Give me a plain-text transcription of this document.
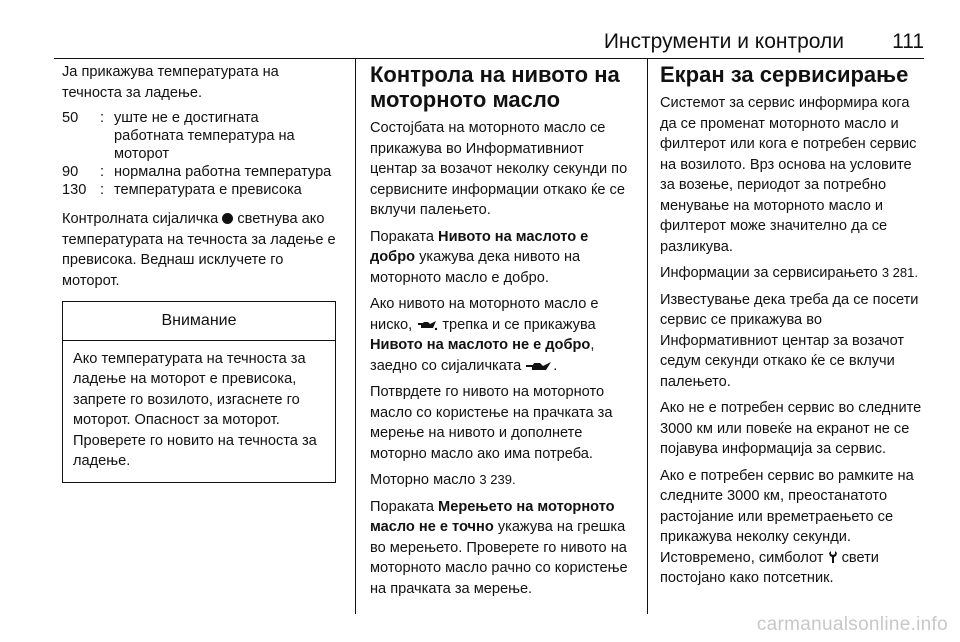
Инструменти и контроли 111

Ја прикажува температурата на течноста за ладење.

50	:	уште не е достигната работната температура на моторот
90	:	нормална работна температура
130	:	температурата е превисока

Контролната сијаличка светнува ако температурата на течноста за ладење е превисока. Веднаш исклучете го моторот.

Внимание
Ако температурата на течноста за ладење на моторот е превисока, запрете го возилото, изгаснете го моторот. Опасност за моторот. Проверете го новито на течноста за ладење.
Контрола на нивото на моторното масло

Состојбата на моторното масло се прикажува во Информативниот центар за возачот неколку секунди по сервисните информации откако ќе се вклучи палењето.

Пораката Нивото на маслото е добро укажува дека нивото на моторното масло е добро.

Ако нивото на моторното масло е ниско, трепка и се прикажува Нивото на маслото не е добро, заедно со сијаличката .

Потврдете го нивото на моторното масло со користење на прачката за мерење на нивото и дополнете моторно масло ако има потреба.

Моторно масло 3 239.

Пораката Мерењето на моторното масло не е точно укажува на грешка во мерењето. Проверете го нивото на моторното масло рачно со користење на прачката за мерење.

Екран за сервисирање

Системот за сервис информира кога да се променат моторното масло и филтерот или кога е потребен сервис на возилото. Врз основа на условите за возење, периодот за потребно менување на моторното масло и филтерот може значително да се разликува.

Информации за сервисирањето 3 281.

Известување дека треба да се посети сервис се прикажува во Информативниот центар за возачот седум секунди откако ќе се вклучи палењето.

Ако не е потребен сервис во следните 3000 км или повеќе на екранот не се појавува информација за сервис.

Ако е потребен сервис во рамките на следните 3000 км, преостанатото растојание или времетраењето се прикажува неколку секунди. Истовремено, симболот свети постојано како потсетник.

carmanualsonline.info
